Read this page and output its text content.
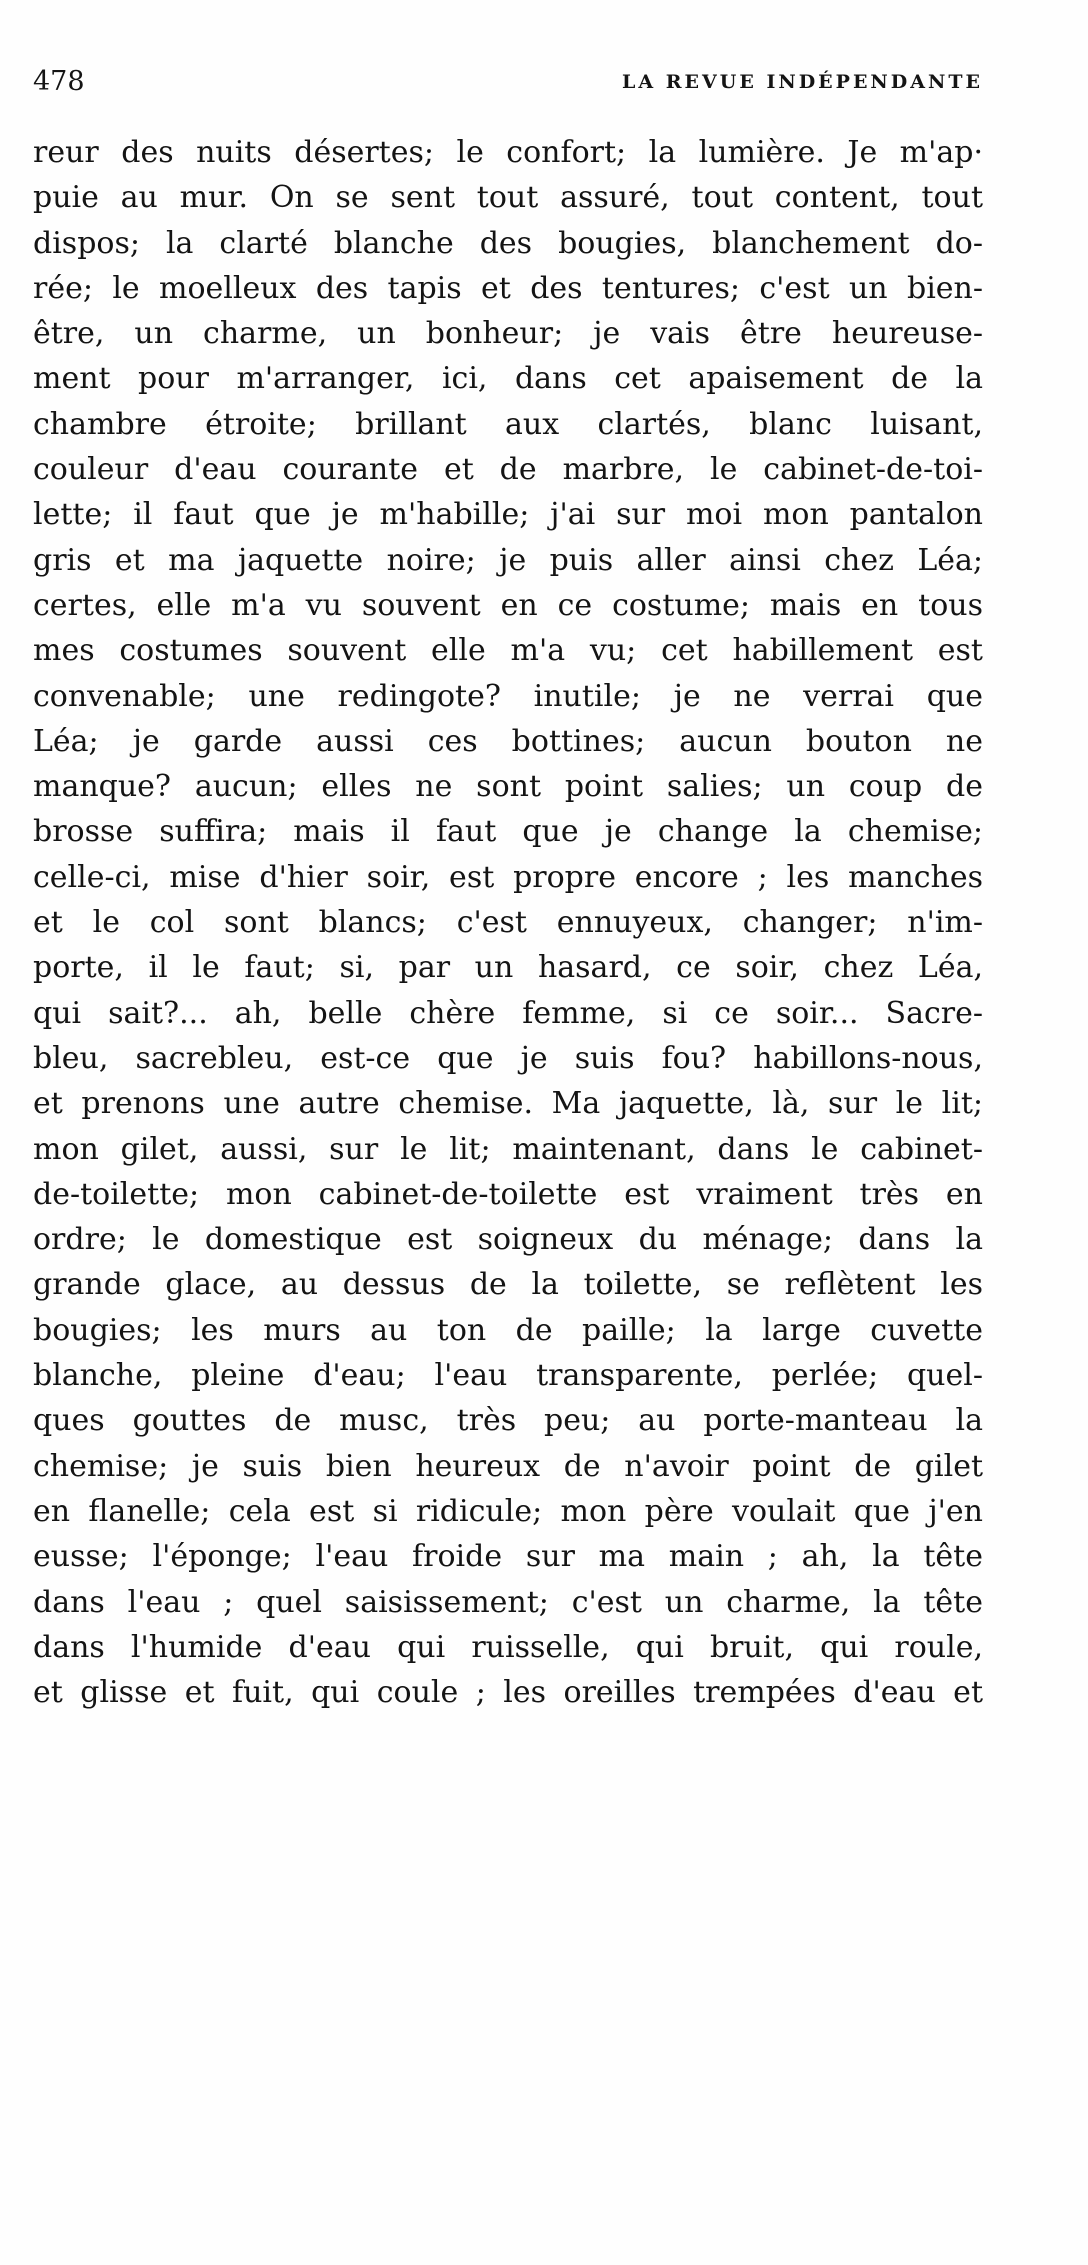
478	LA REVUE INDÉPENDANTE
reur des nuits désertes; le confort; la lumière. Je m'ap·
puie au mur. On se sent tout assuré, tout content, tout
dispos; la clarté blanche des bougies, blanchement do-
rée; le moelleux des tapis et des tentures; c'est un bien-
être, un charme, un bonheur; je vais être heureuse-
ment pour m'arranger, ici, dans cet apaisement de la
chambre étroite; brillant aux clartés, blanc luisant,
couleur d'eau courante et de marbre, le cabinet-de-toi-
lette; il faut que je m'habille; j'ai sur moi mon pantalon
gris et ma jaquette noire; je puis aller ainsi chez Léa;
certes, elle m'a vu souvent en ce costume; mais en tous
mes costumes souvent elle m'a vu; cet habillement est
convenable; une redingote? inutile; je ne verrai que
Léa; je garde aussi ces bottines; aucun bouton ne
manque? aucun; elles ne sont point salies; un coup de
brosse suffira; mais il faut que je change la chemise;
celle-ci, mise d'hier soir, est propre encore ; les manches
et le col sont blancs; c'est ennuyeux, changer; n'im-
porte, il le faut; si, par un hasard, ce soir, chez Léa,
qui sait?... ah, belle chère femme, si ce soir... Sacre-
bleu, sacrebleu, est-ce que je suis fou? habillons-nous,
et prenons une autre chemise. Ma jaquette, là, sur le lit;
mon gilet, aussi, sur le lit; maintenant, dans le cabinet-
de-toilette; mon cabinet-de-toilette est vraiment très en
ordre; le domestique est soigneux du ménage; dans la
grande glace, au dessus de la toilette, se reflètent les
bougies; les murs au ton de paille; la large cuvette
blanche, pleine d'eau; l'eau transparente, perlée; quel-
ques gouttes de musc, très peu; au porte-manteau la
chemise; je suis bien heureux de n'avoir point de gilet
en flanelle; cela est si ridicule; mon père voulait que j'en
eusse; l'éponge; l'eau froide sur ma main ; ah, la tête
dans l'eau ; quel saisissement; c'est un charme, la tête
dans l'humide d'eau qui ruisselle, qui bruit, qui roule,
et glisse et fuit, qui coule ; les oreilles trempées d'eau et
